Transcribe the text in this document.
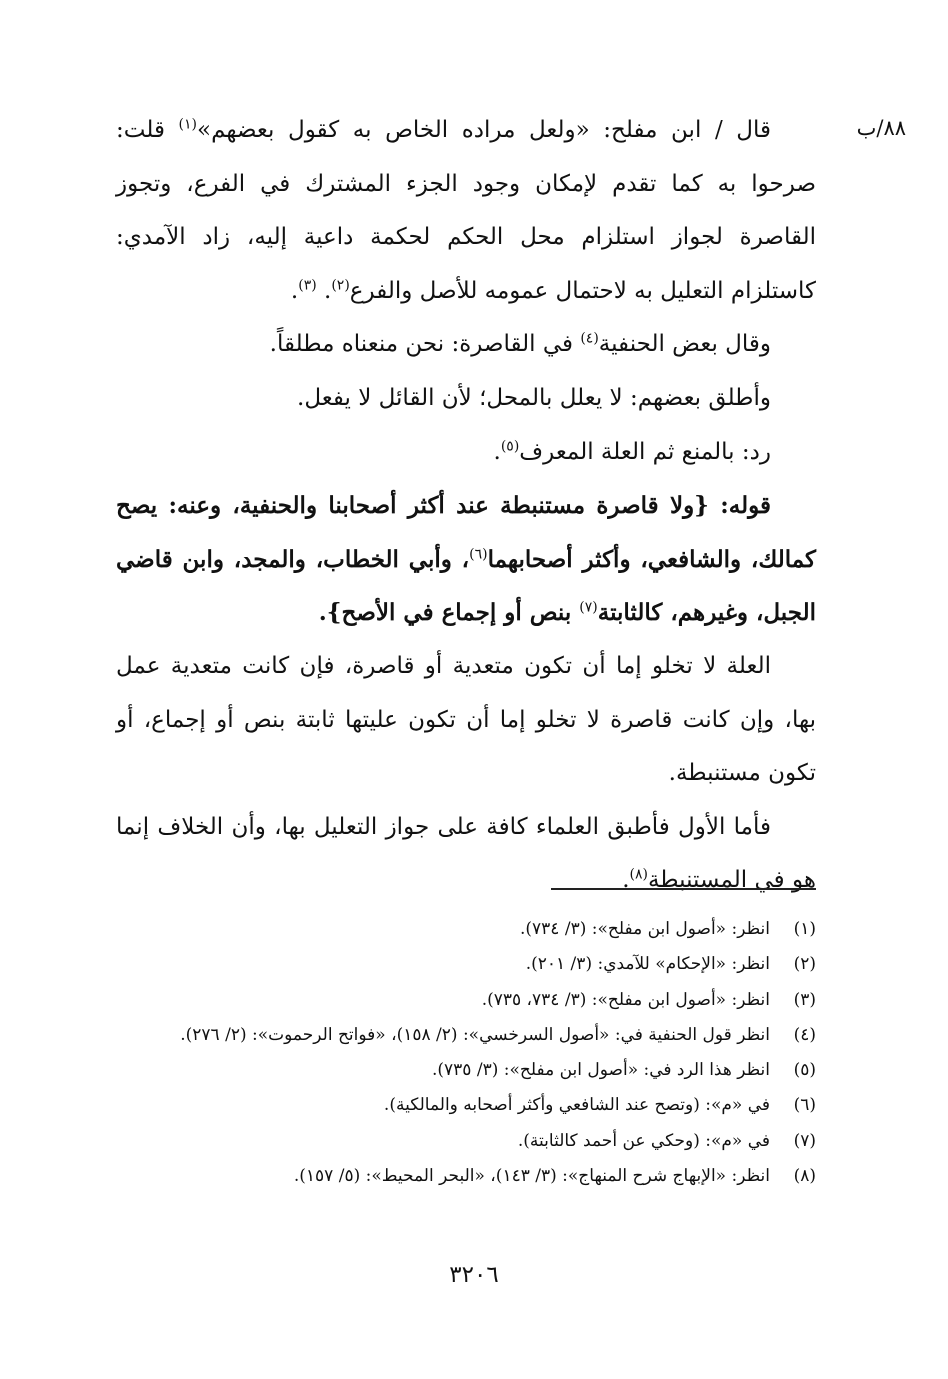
٨٨/ب

قال / ابن مفلح: «ولعل مراده الخاص به كقول بعضهم»$^{(١)}$ قلت: صرحوا به كما تقدم لإمكان وجود الجزء المشترك في الفرع، وتجوز القاصرة لجواز استلزام محل الحكم لحكمة داعية إليه، زاد الآمدي: كاستلزام التعليل به لاحتمال عمومه للأصل والفرع$^{(٢)}$. $^{(٣)}$.

وقال بعض الحنفية$^{(٤)}$ في القاصرة: نحن منعناه مطلقاً.

وأطلق بعضهم: لا يعلل بالمحل؛ لأن القائل لا يفعل.

رد: بالمنع ثم العلة المعرف$^{(٥)}$.

قوله: {ولا قاصرة مستنبطة عند أكثر أصحابنا والحنفية، وعنه: يصح كمالك، والشافعي، وأكثر أصحابهما$^{(٦)}$، وأبي الخطاب، والمجد، وابن قاضي الجبل، وغيرهم، كالثابتة$^{(٧)}$ بنص أو إجماع في الأصح}.

العلة لا تخلو إما أن تكون متعدية أو قاصرة، فإن كانت متعدية عمل بها، وإن كانت قاصرة لا تخلو إما أن تكون عليتها ثابتة بنص أو إجماع، أو تكون مستنبطة.

فأما الأول فأطبق العلماء كافة على جواز التعليل بها، وأن الخلاف إنما هو في المستنبطة$^{(٨)}$.

(١)انظر: «أصول ابن مفلح»: (٣/ ٧٣٤).
(٢)انظر: «الإحكام» للآمدي: (٣/ ٢٠١).
(٣)انظر: «أصول ابن مفلح»: (٣/ ٧٣٤، ٧٣٥).
(٤)انظر قول الحنفية في: «أصول السرخسي»: (٢/ ١٥٨)، «فواتح الرحموت»: (٢/ ٢٧٦).
(٥)انظر هذا الرد في: «أصول ابن مفلح»: (٣/ ٧٣٥).
(٦)في «م»: (وتصح عند الشافعي وأكثر أصحابه والمالكية).
(٧)في «م»: (وحكي عن أحمد كالثابتة).
(٨)انظر: «الإبهاج شرح المنهاج»: (٣/ ١٤٣)، «البحر المحيط»: (٥/ ١٥٧).
٣٢٠٦
